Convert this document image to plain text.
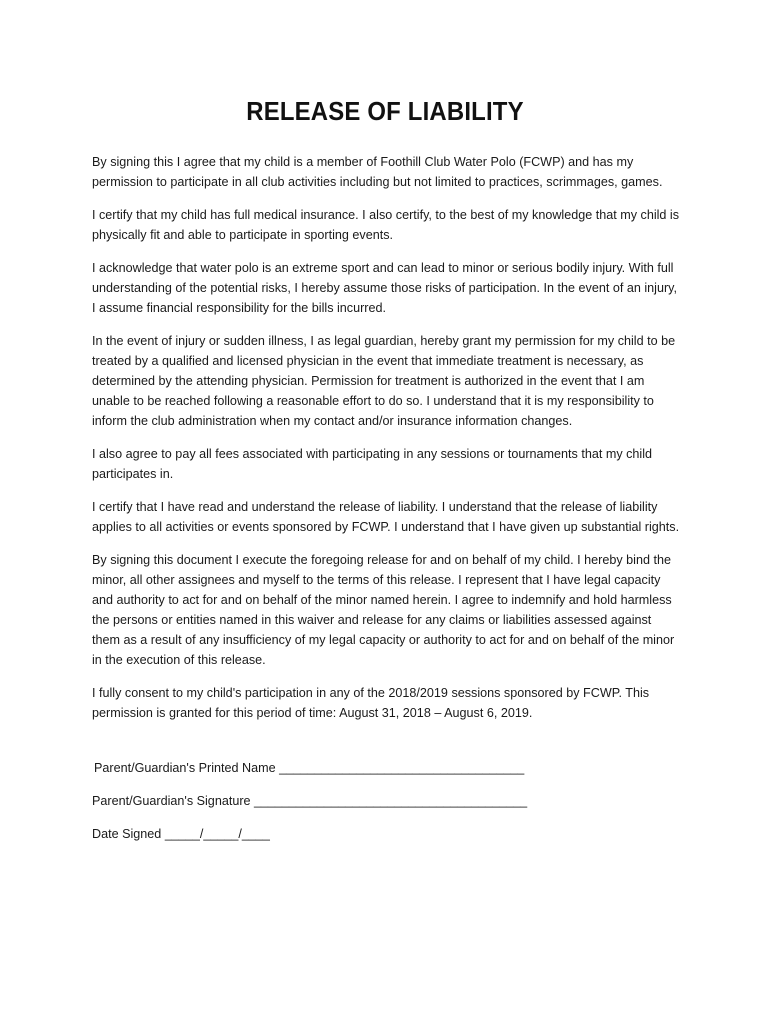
RELEASE OF LIABILITY

By signing this I agree that my child is a member of Foothill Club Water Polo (FCWP) and has my permission to participate in all club activities including but not limited to practices, scrimmages, games.

I certify that my child has full medical insurance. I also certify, to the best of my knowledge that my child is physically fit and able to participate in sporting events.

I acknowledge that water polo is an extreme sport and can lead to minor or serious bodily injury. With full understanding of the potential risks, I hereby assume those risks of participation. In the event of an injury, I assume financial responsibility for the bills incurred.

In the event of injury or sudden illness, I as legal guardian, hereby grant my permission for my child to be treated by a qualified and licensed physician in the event that immediate treatment is necessary, as determined by the attending physician. Permission for treatment is authorized in the event that I am unable to be reached following a reasonable effort to do so. I understand that it is my responsibility to inform the club administration when my contact and/or insurance information changes.

I also agree to pay all fees associated with participating in any sessions or tournaments that my child participates in.

I certify that I have read and understand the release of liability. I understand that the release of liability applies to all activities or events sponsored by FCWP. I understand that I have given up substantial rights.

By signing this document I execute the foregoing release for and on behalf of my child. I hereby bind the minor, all other assignees and myself to the terms of this release. I represent that I have legal capacity and authority to act for and on behalf of the minor named herein. I agree to indemnify and hold harmless the persons or entities named in this waiver and release for any claims or liabilities assessed against them as a result of any insufficiency of my legal capacity or authority to act for and on behalf of the minor in the execution of this release.

I fully consent to my child's participation in any of the 2018/2019 sessions sponsored by FCWP. This permission is granted for this period of time: August 31, 2018 – August 6, 2019.

Parent/Guardian's Printed Name ___________________________________
Parent/Guardian's Signature _______________________________________
Date Signed _____/_____/____
